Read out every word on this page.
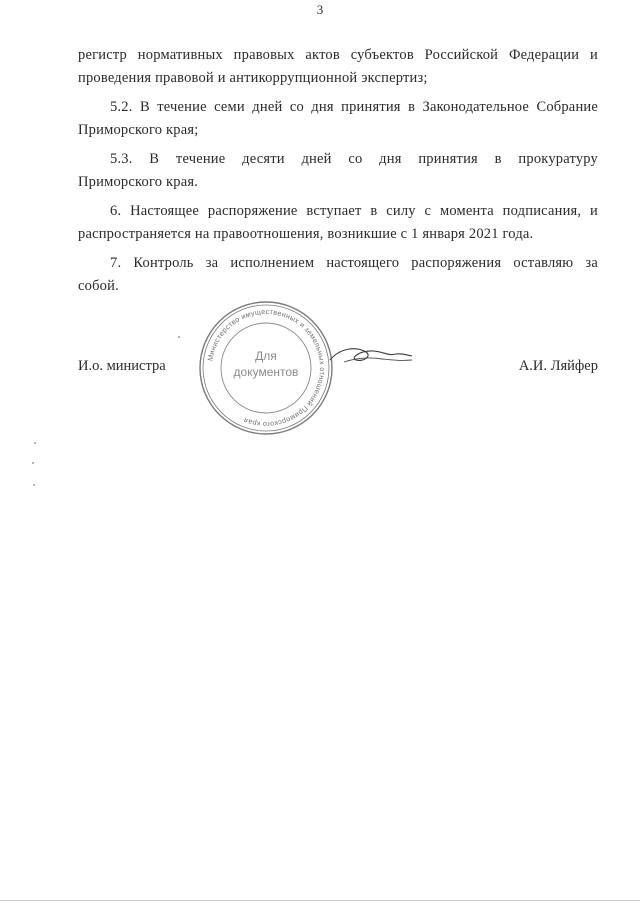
3

регистр нормативных правовых актов субъектов Российской Федерации и

проведения правовой и антикоррупционной экспертиз;

5.2. В течение семи дней со дня принятия в Законодательное Собрание

Приморского края;

5.3. В течение десяти дней со дня принятия в прокуратуру

Приморского края.

6. Настоящее распоряжение вступает в силу с момента подписания, и

распространяется на правоотношения, возникшие с 1 января 2021 года.

7. Контроль за исполнением настоящего распоряжения оставляю за

собой.

И.о. министра	А.И. Ляйфер
Министерство имущественных и земельных отношений Приморского края
Для
документов
